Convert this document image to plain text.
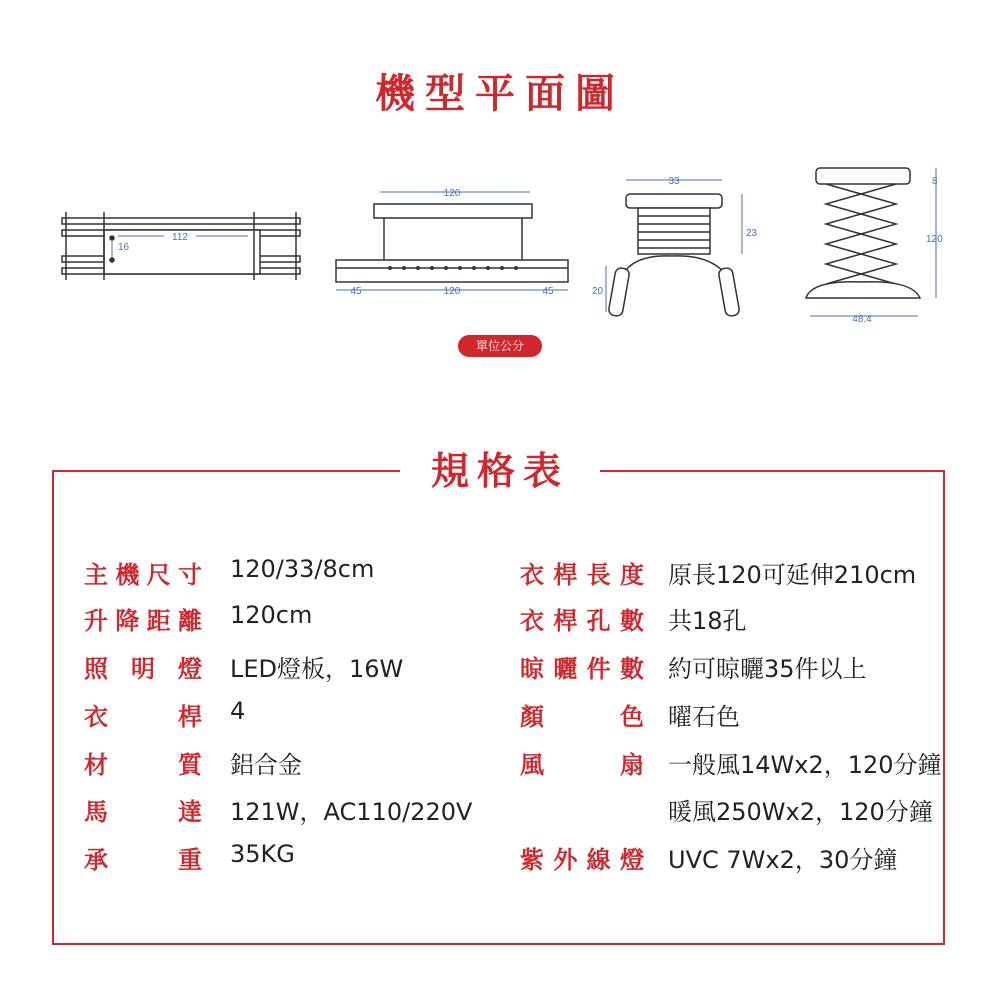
機型平面圖
112
16
120
45	120	45
33
23
20
8
120
48.4
單位公分
規格表
主機尺寸 120/33/8cm
升降距離 120cm
照明燈 LED燈板，16W
衣桿 4
材質 鋁合金
馬達 121W，AC110/220V
承重 35KG
衣桿長度 原長120可延伸210cm
衣桿孔數 共18孔
晾曬件數 約可晾曬35件以上
顏色 曜石色
風扇 一般風14Wx2，120分鐘
暖風250Wx2，120分鐘
紫外線燈 UVC 7Wx2，30分鐘
